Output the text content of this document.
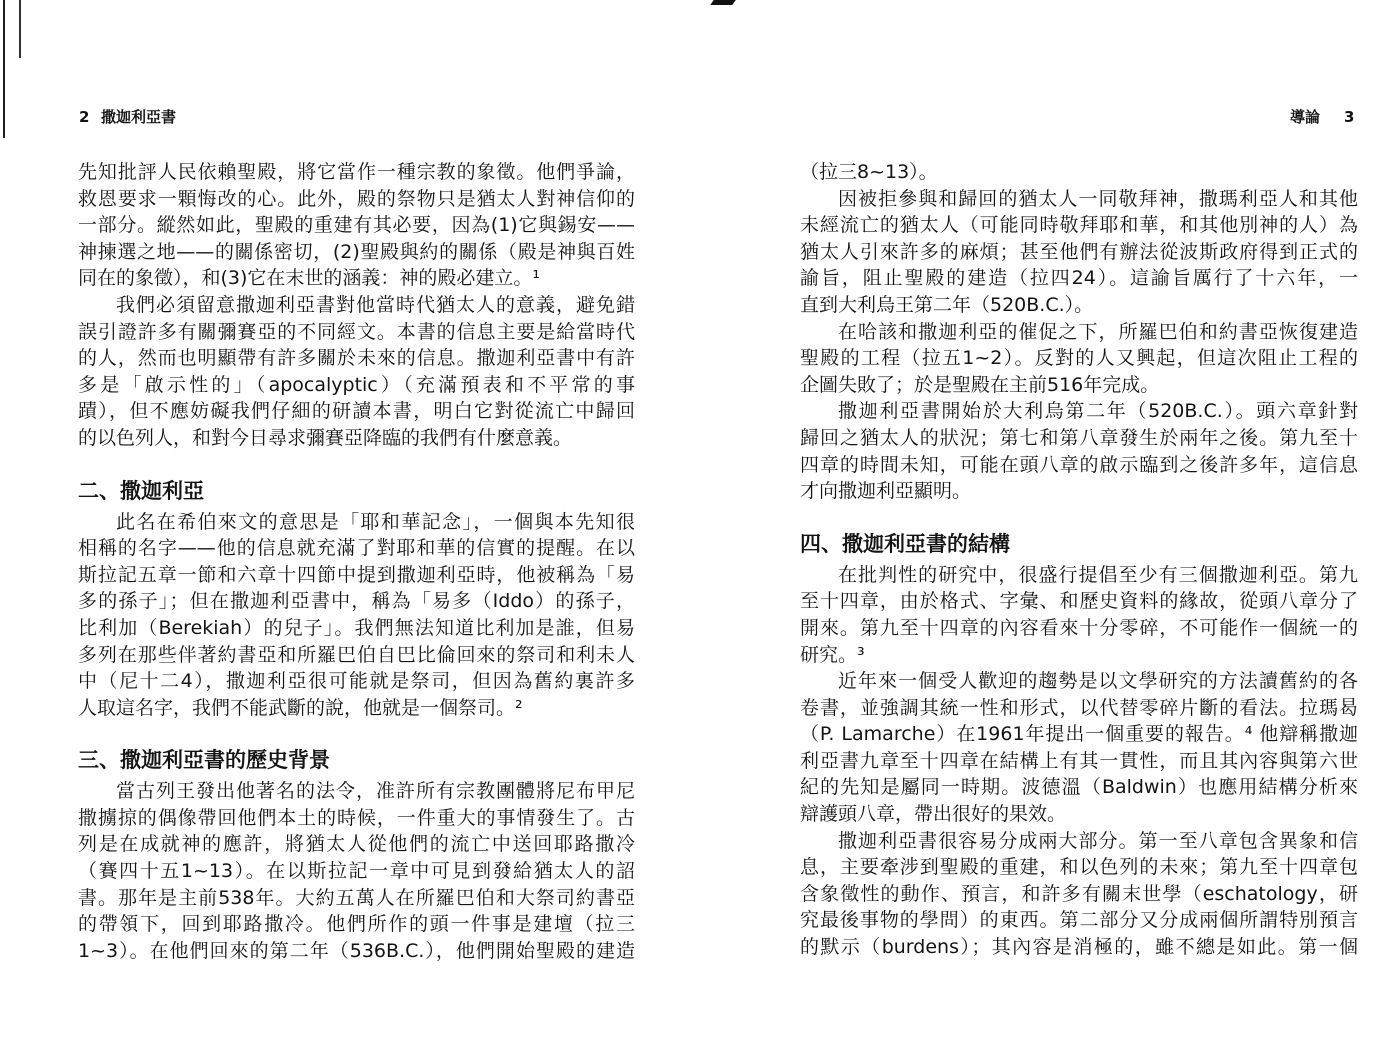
2 撒迦利亞書	導論 3
先知批評人民依賴聖殿，將它當作一種宗教的象徵。他們爭論，
救恩要求一顆悔改的心。此外，殿的祭物只是猶太人對神信仰的
一部分。縱然如此，聖殿的重建有其必要，因為(1)它與錫安——
神揀選之地——的關係密切，(2)聖殿與約的關係（殿是神與百姓
同在的象徵），和(3)它在末世的涵義：神的殿必建立。¹
我們必須留意撒迦利亞書對他當時代猶太人的意義，避免錯
誤引證許多有關彌賽亞的不同經文。本書的信息主要是給當時代
的人，然而也明顯帶有許多關於未來的信息。撒迦利亞書中有許
多是「啟示性的」（apocalyptic）（充滿預表和不平常的事
蹟），但不應妨礙我們仔細的研讀本書，明白它對從流亡中歸回
的以色列人，和對今日尋求彌賽亞降臨的我們有什麼意義。
二、撒迦利亞
此名在希伯來文的意思是「耶和華記念」，一個與本先知很
相稱的名字——他的信息就充滿了對耶和華的信實的提醒。在以
斯拉記五章一節和六章十四節中提到撒迦利亞時，他被稱為「易
多的孫子」；但在撒迦利亞書中，稱為「易多（Iddo）的孫子，
比利加（Berekiah）的兒子」。我們無法知道比利加是誰，但易
多列在那些伴著約書亞和所羅巴伯自巴比倫回來的祭司和利未人
中（尼十二4），撒迦利亞很可能就是祭司，但因為舊約裏許多
人取這名字，我們不能武斷的說，他就是一個祭司。²
三、撒迦利亞書的歷史背景
當古列王發出他著名的法令，准許所有宗教團體將尼布甲尼
撒擄掠的偶像帶回他們本土的時候，一件重大的事情發生了。古
列是在成就神的應許，將猶太人從他們的流亡中送回耶路撒冷
（賽四十五1~13）。在以斯拉記一章中可見到發給猶太人的詔
書。那年是主前538年。大約五萬人在所羅巴伯和大祭司約書亞
的帶領下，回到耶路撒冷。他們所作的頭一件事是建壇（拉三
1~3）。在他們回來的第二年（536B.C.），他們開始聖殿的建造
（拉三8~13）。
因被拒參與和歸回的猶太人一同敬拜神，撒瑪利亞人和其他
未經流亡的猶太人（可能同時敬拜耶和華，和其他別神的人）為
猶太人引來許多的麻煩；甚至他們有辦法從波斯政府得到正式的
諭旨，阻止聖殿的建造（拉四24）。這諭旨厲行了十六年，一
直到大利烏王第二年（520B.C.）。
在哈該和撒迦利亞的催促之下，所羅巴伯和約書亞恢復建造
聖殿的工程（拉五1~2）。反對的人又興起，但這次阻止工程的
企圖失敗了；於是聖殿在主前516年完成。
撒迦利亞書開始於大利烏第二年（520B.C.）。頭六章針對
歸回之猶太人的狀況；第七和第八章發生於兩年之後。第九至十
四章的時間未知，可能在頭八章的啟示臨到之後許多年，這信息
才向撒迦利亞顯明。
四、撒迦利亞書的結構
在批判性的研究中，很盛行提倡至少有三個撒迦利亞。第九
至十四章，由於格式、字彙、和歷史資料的緣故，從頭八章分了
開來。第九至十四章的內容看來十分零碎，不可能作一個統一的
研究。³
近年來一個受人歡迎的趨勢是以文學研究的方法讀舊約的各
卷書，並強調其統一性和形式，以代替零碎片斷的看法。拉瑪曷
（P. Lamarche）在1961年提出一個重要的報告。⁴ 他辯稱撒迦
利亞書九章至十四章在結構上有其一貫性，而且其內容與第六世
紀的先知是屬同一時期。波德溫（Baldwin）也應用結構分析來
辯護頭八章，帶出很好的果效。
撒迦利亞書很容易分成兩大部分。第一至八章包含異象和信
息，主要牽涉到聖殿的重建，和以色列的未來；第九至十四章包
含象徵性的動作、預言，和許多有關末世學（eschatology，研
究最後事物的學問）的東西。第二部分又分成兩個所謂特別預言
的默示（burdens）；其內容是消極的，雖不總是如此。第一個
